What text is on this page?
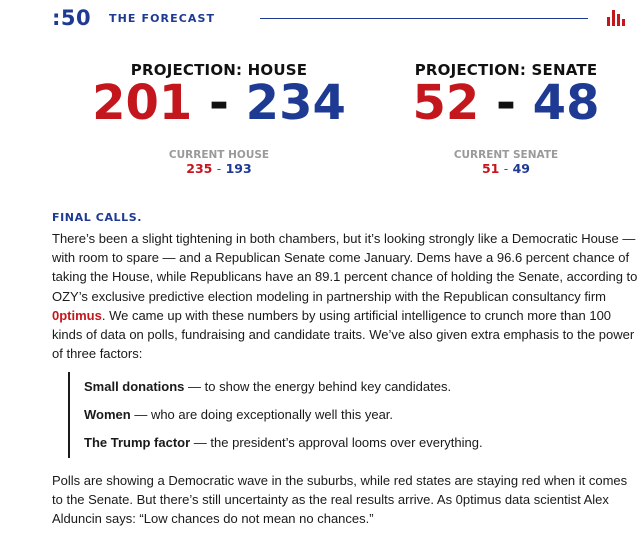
:50 THE FORECAST
PROJECTION: HOUSE
201 - 234
CURRENT HOUSE
235 - 193
PROJECTION: SENATE
52 - 48
CURRENT SENATE
51 - 49
FINAL CALLS.

There’s been a slight tightening in both chambers, but it’s looking strongly like a Democratic House — with room to spare — and a Republican Senate come January. Dems have a 96.6 percent chance of taking the House, while Republicans have an 89.1 percent chance of holding the Senate, according to OZY’s exclusive predictive election modeling in partnership with the Republican consultancy firm 0ptimus. We came up with these numbers by using artificial intelligence to crunch more than 100 kinds of data on polls, fundraising and candidate traits. We’ve also given extra emphasis to the power of three factors:

Small donations — to show the energy behind key candidates.
Women — who are doing exceptionally well this year.
The Trump factor — the president’s approval looms over everything.

Polls are showing a Democratic wave in the suburbs, while red states are staying red when it comes to the Senate. But there’s still uncertainty as the real results arrive. As 0ptimus data scientist Alex Alduncin says: “Low chances do not mean no chances.”
